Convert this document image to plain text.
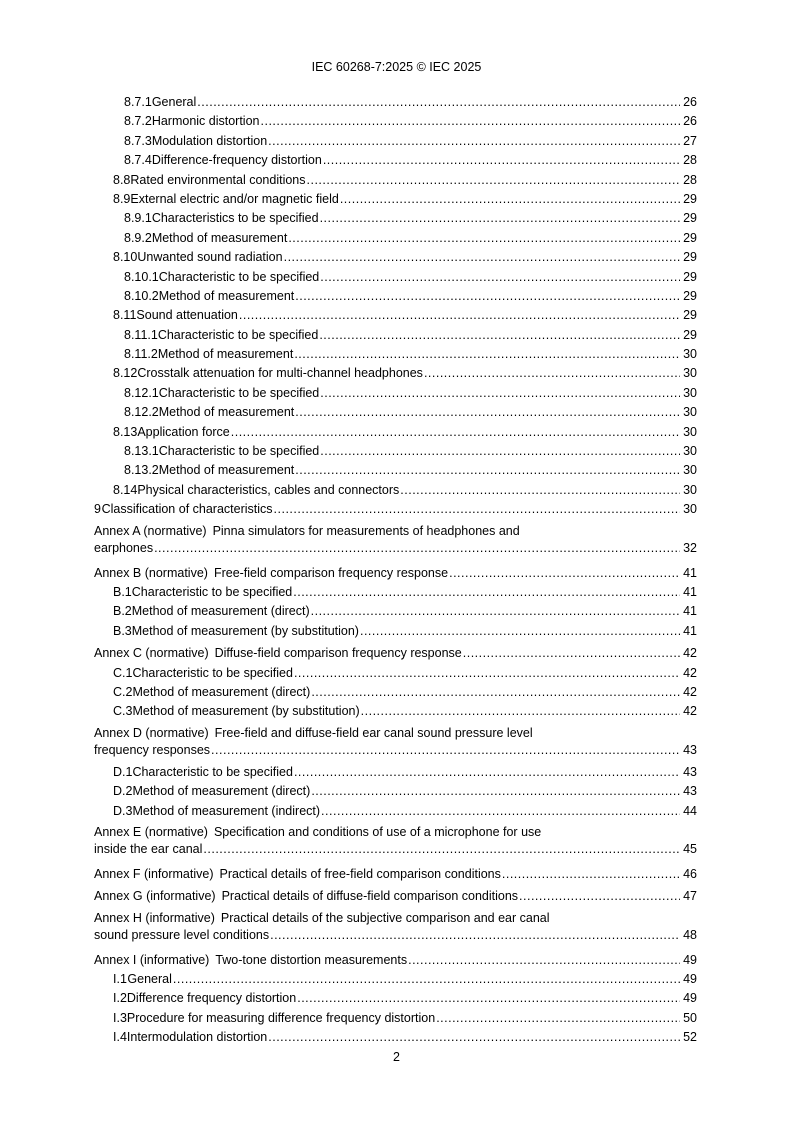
IEC 60268-7:2025 © IEC 2025
8.7.1 General .....	26
8.7.2 Harmonic distortion .....	26
8.7.3 Modulation distortion .....	27
8.7.4 Difference-frequency distortion .....	28
8.8 Rated environmental conditions .....	28
8.9 External electric and/or magnetic field .....	29
8.9.1 Characteristics to be specified .....	29
8.9.2 Method of measurement .....	29
8.10 Unwanted sound radiation .....	29
8.10.1 Characteristic to be specified .....	29
8.10.2 Method of measurement .....	29
8.11 Sound attenuation .....	29
8.11.1 Characteristic to be specified .....	29
8.11.2 Method of measurement .....	30
8.12 Crosstalk attenuation for multi-channel headphones .....	30
8.12.1 Characteristic to be specified .....	30
8.12.2 Method of measurement .....	30
8.13 Application force .....	30
8.13.1 Characteristic to be specified .....	30
8.13.2 Method of measurement .....	30
8.14 Physical characteristics, cables and connectors .....	30
9 Classification of characteristics .....	30
Annex A (normative) Pinna simulators for measurements of headphones and
earphones .....	32
Annex B (normative) Free-field comparison frequency response .....	41
B.1 Characteristic to be specified .....	41
B.2 Method of measurement (direct) .....	41
B.3 Method of measurement (by substitution) .....	41
Annex C (normative) Diffuse-field comparison frequency response .....	42
C.1 Characteristic to be specified .....	42
C.2 Method of measurement (direct) .....	42
C.3 Method of measurement (by substitution) .....	42
Annex D (normative) Free-field and diffuse-field ear canal sound pressure level
frequency responses .....	43
D.1 Characteristic to be specified .....	43
D.2 Method of measurement (direct) .....	43
D.3 Method of measurement (indirect) .....	44
Annex E (normative) Specification and conditions of use of a microphone for use
inside the ear canal .....	45
Annex F (informative) Practical details of free-field comparison conditions .....	46
Annex G (informative) Practical details of diffuse-field comparison conditions .....	47
Annex H (informative) Practical details of the subjective comparison and ear canal
sound pressure level conditions .....	48
Annex I (informative) Two-tone distortion measurements .....	49
I.1 General .....	49
I.2 Difference frequency distortion .....	49
I.3 Procedure for measuring difference frequency distortion .....	50
I.4 Intermodulation distortion .....	52
2
